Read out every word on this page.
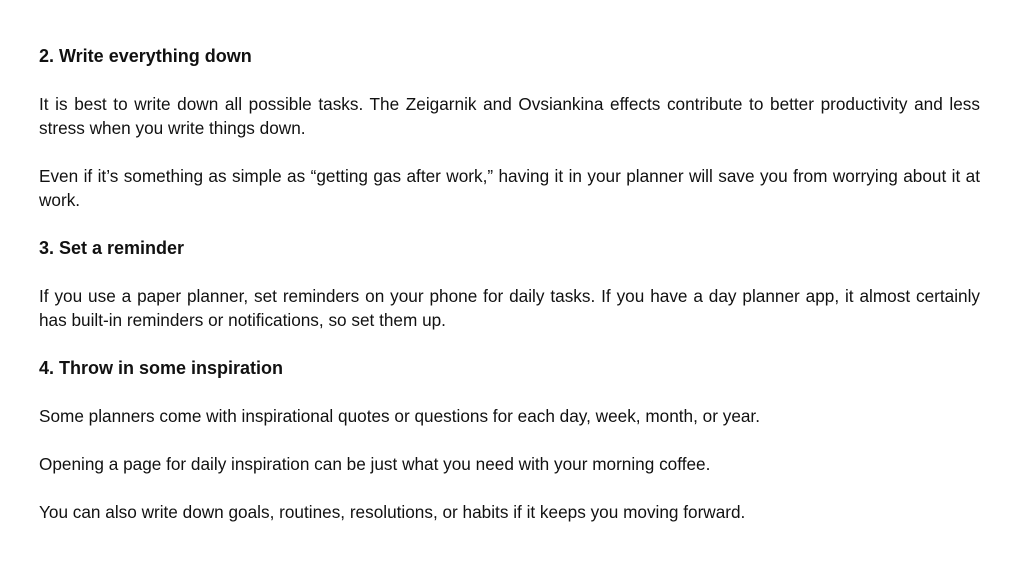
2. Write everything down

It is best to write down all possible tasks. The Zeigarnik and Ovsiankina effects contribute to better productivity and less stress when you write things down.

Even if it’s something as simple as “getting gas after work,” having it in your planner will save you from worrying about it at work.

3. Set a reminder

If you use a paper planner, set reminders on your phone for daily tasks. If you have a day planner app, it almost certainly has built-in reminders or notifications, so set them up.

4. Throw in some inspiration

Some planners come with inspirational quotes or questions for each day, week, month, or year.

Opening a page for daily inspiration can be just what you need with your morning coffee.

You can also write down goals, routines, resolutions, or habits if it keeps you moving forward.
